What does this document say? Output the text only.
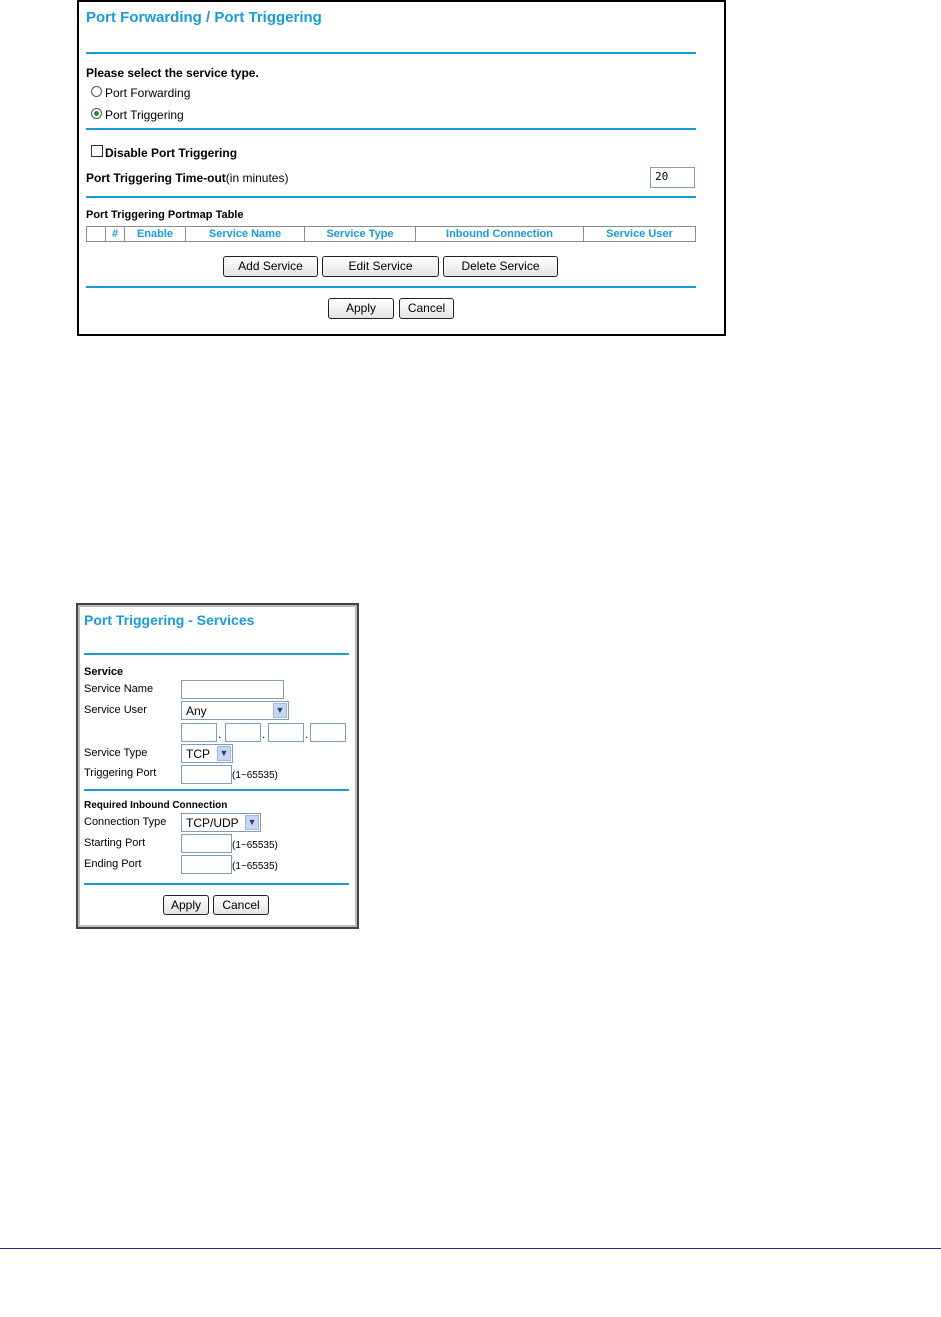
Port Forwarding / Port Triggering
Please select the service type.
Port Forwarding
Port Triggering
Disable Port Triggering
Port Triggering Time-out(in minutes)	20
Port Triggering Portmap Table
	#	Enable	Service Name	Service Type	Inbound Connection	Service User
Add Service	Edit Service	Delete Service
Apply	Cancel
Port Triggering - Services
Service
Service Name
Service User	Any	▼
.	.	.
Service Type	TCP ▼
Triggering Port	(1~65535)
Required Inbound Connection
Connection Type TCP/UDP ▼
Starting Port	(1~65535)
Ending Port	(1~65535)
Apply	Cancel
